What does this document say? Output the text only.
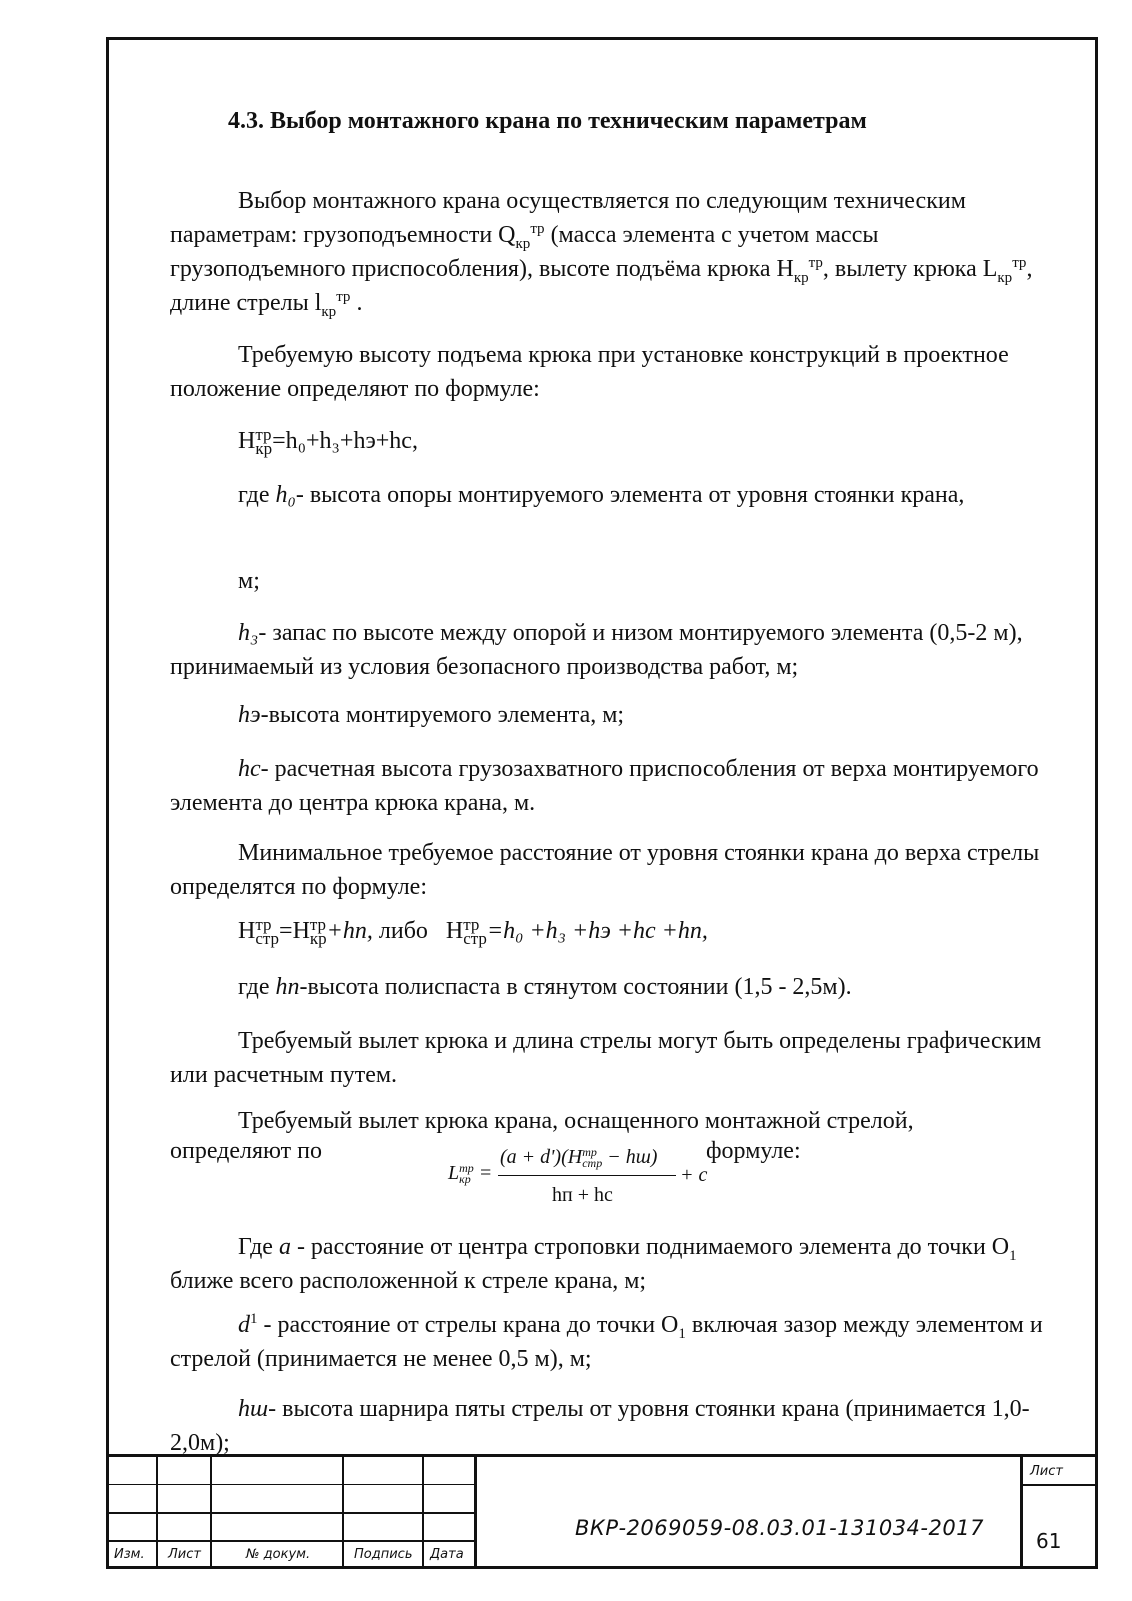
4.3. Выбор монтажного крана по техническим параметрам

Выбор монтажного крана осуществляется по следующим техническим параметрам: грузоподъемности $Q_{кр}^{тр}$ (масса элемента с учетом массы грузоподъемного приспособления), высоте подъёма крюка $Н_{кр}^{тр}$, вылету крюка $L_{кр}^{тр}$, длине стрелы $l_{кр}^{тр}$ .

Требуемую высоту подъема крюка при установке конструкций в проектное положение определяют по формуле:
Н тр
кр =h₀+h₃+hэ+hс,

где h₀- высота опоры монтируемого элемента от уровня стоянки крана,

м;

h₃- запас по высоте между опорой и низом монтируемого элемента (0,5-2 м), принимаемый из условия безопасного производства работ, м;

hэ-высота монтируемого элемента, м;

hс- расчетная высота грузозахватного приспособления от верха монтируемого элемента до центра крюка крана, м.

Минимальное требуемое расстояние от уровня стоянки крана до верха стрелы определятся по формуле:
Н тр
стр =Н тр
кр +hп, либо   Н тр
стр =h₀ +h₃ +hэ +hс +hп,

где hп-высота полиспаста в стянутом состоянии (1,5 - 2,5м).

Требуемый вылет крюка и длина стрелы могут быть определены графическим или расчетным путем.
Требуемый вылет крюка крана, оснащенного монтажной стрелой,
определяют по	формуле:
L тр
кр =
(a + d')(H тр
стр − hш)
hп + hс
+ c

Где a - расстояние от центра строповки поднимаемого элемента до точки $O_1$ ближе всего расположенной к стреле крана, м;

$d^1$ - расстояние от стрелы крана до точки $O_1$ включая зазор между элементом и стрелой (принимается не менее 0,5 м), м;

hш- высота шарнира пяты стрелы от уровня стоянки крана (принимается 1,0-2,0м);

Изм. Лист	№ докум.	Подпись Дата
Лист
ВКР-2069059-08.03.01-131034-2017
61
